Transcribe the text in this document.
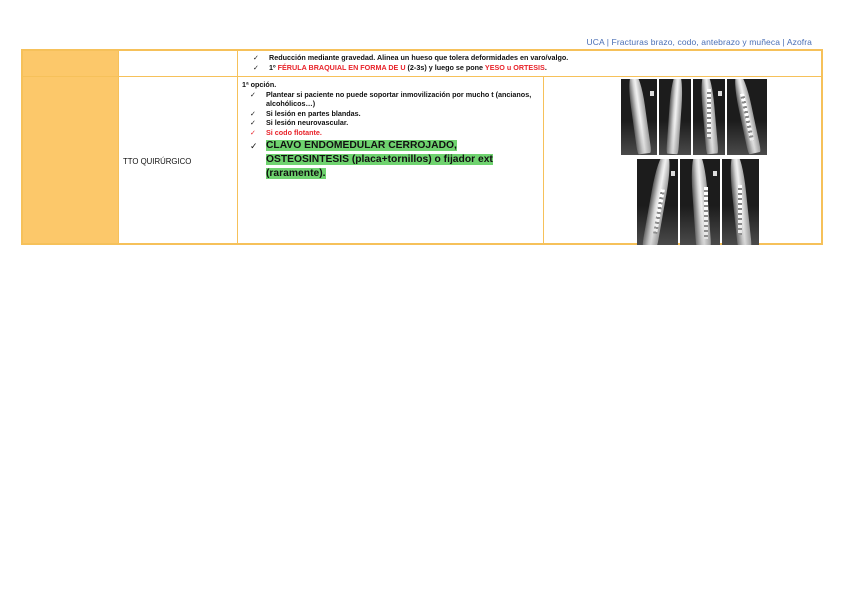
UCA | Fracturas brazo, codo, antebrazo y muñeca | Azofra
✓ Reducción mediante gravedad. Alinea un hueso que tolera deformidades en varo/valgo.
✓ 1º FÉRULA BRAQUIAL EN FORMA DE U (2-3s) y luego se pone YESO u ORTESIS.
TTO QUIRÚRGICO
1ª opción.
✓ Plantear si paciente no puede soportar inmovilización por mucho t (ancianos, alcohólicos…)
✓ Si lesión en partes blandas.
✓ Si lesión neurovascular.
✓ Si codo flotante.
✓ CLAVO ENDOMEDULAR CERROJADO, OSTEOSINTESIS (placa+tornillos) o fijador ext (raramente).
